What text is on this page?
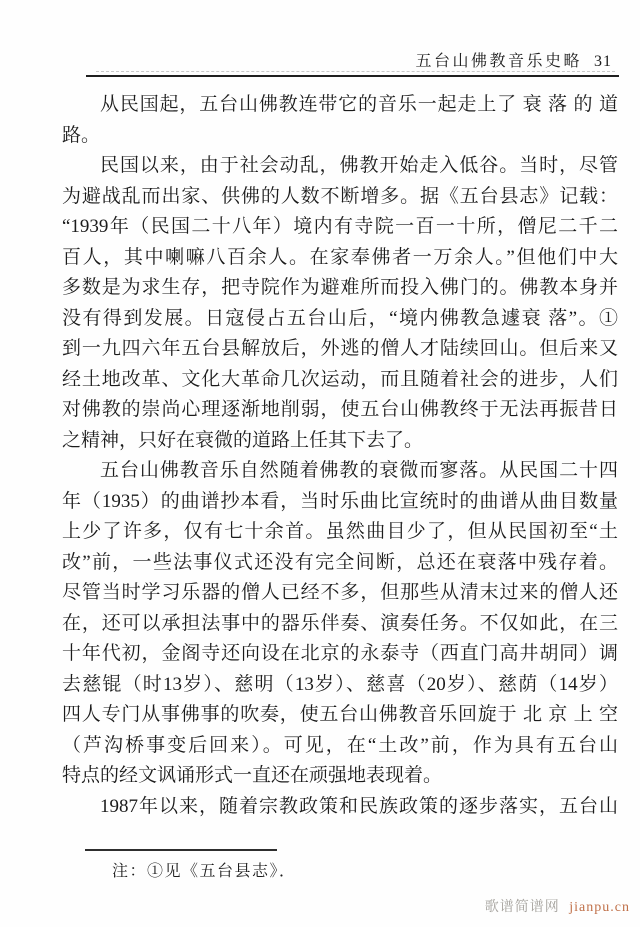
五台山佛教音乐史略 31
从民国起，五台山佛教连带它的音乐一起走上了 衰 落 的 道
路。
民国以来，由于社会动乱，佛教开始走入低谷。当时，尽管
为避战乱而出家、供佛的人数不断增多。据《五台县志》记载：
“1939年（民国二十八年）境内有寺院一百一十所，僧尼二千二
百人，其中喇嘛八百余人。在家奉佛者一万余人。”但他们中大
多数是为求生存，把寺院作为避难所而投入佛门的。佛教本身并
没有得到发展。日寇侵占五台山后，“境内佛教急遽衰 落”。①
到一九四六年五台县解放后，外逃的僧人才陆续回山。但后来又
经土地改革、文化大革命几次运动，而且随着社会的进步，人们
对佛教的崇尚心理逐渐地削弱，使五台山佛教终于无法再振昔日
之精神，只好在衰微的道路上任其下去了。
五台山佛教音乐自然随着佛教的衰微而寥落。从民国二十四
年（1935）的曲谱抄本看，当时乐曲比宣统时的曲谱从曲目数量
上少了许多，仅有七十余首。虽然曲目少了，但从民国初至“土
改”前，一些法事仪式还没有完全间断，总还在衰落中残存着。
尽管当时学习乐器的僧人已经不多，但那些从清末过来的僧人还
在，还可以承担法事中的器乐伴奏、演奏任务。不仅如此，在三
十年代初，金阁寺还向设在北京的永泰寺（西直门高井胡同）调
去慈锟（时13岁）、慈明（13岁）、慈喜（20岁）、慈荫（14岁）
四人专门从事佛事的吹奏，使五台山佛教音乐回旋于 北 京 上 空
（芦沟桥事变后回来）。可见，在“土改”前，作为具有五台山
特点的经文讽诵形式一直还在顽强地表现着。
1987年以来，随着宗教政策和民族政策的逐步落实，五台山
注：①见《五台县志》．
歌谱简谱网 jianpu.cn
